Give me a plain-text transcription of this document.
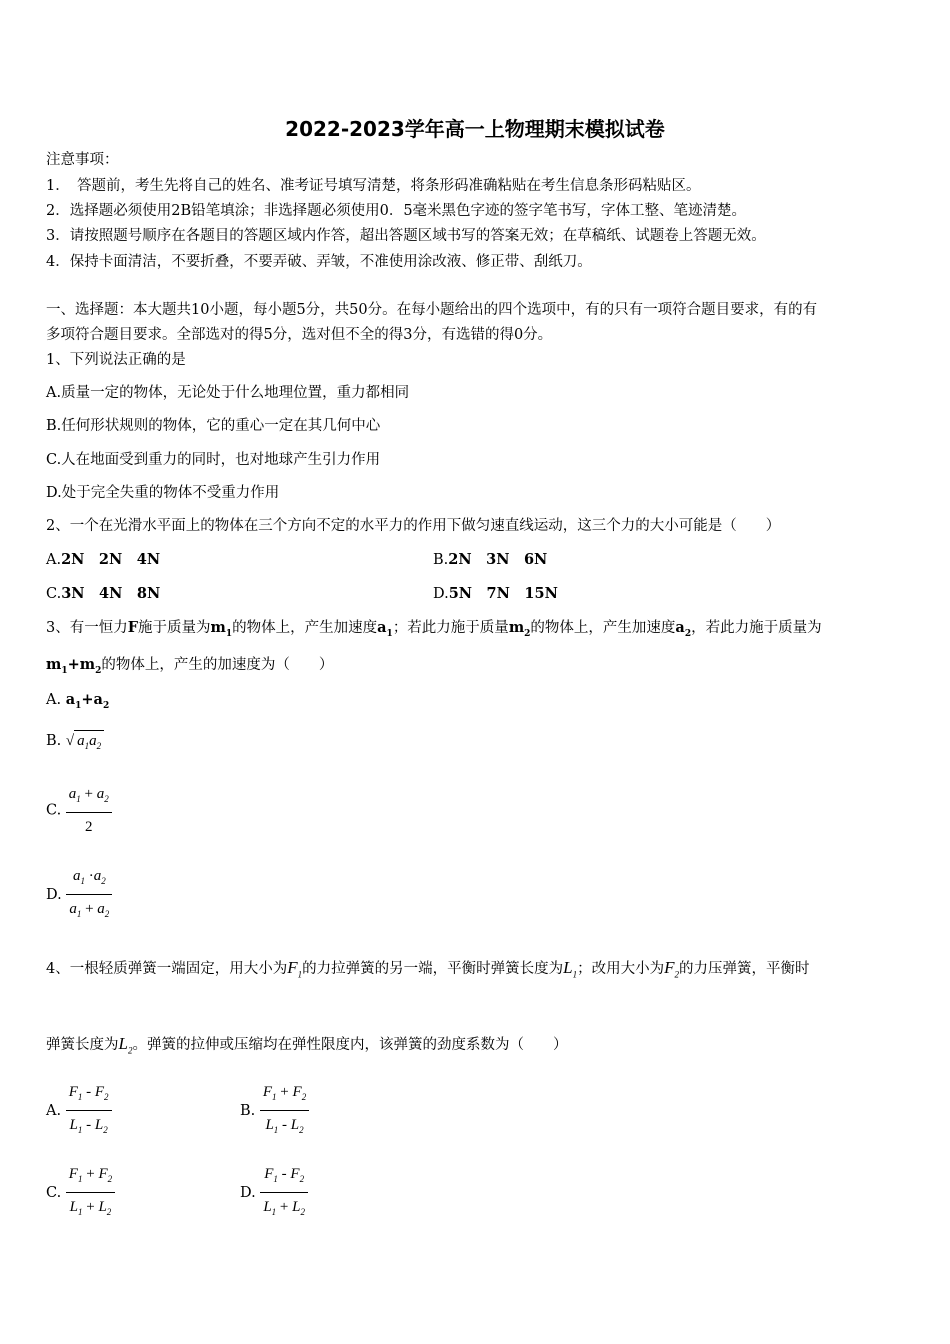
2022-2023学年高一上物理期末模拟试卷
注意事项：
1．　答题前，考生先将自己的姓名、准考证号填写清楚，将条形码准确粘贴在考生信息条形码粘贴区。
2．选择题必须使用2B铅笔填涂；非选择题必须使用0．5毫米黑色字迹的签字笔书写，字体工整、笔迹清楚。
3．请按照题号顺序在各题目的答题区域内作答，超出答题区域书写的答案无效；在草稿纸、试题卷上答题无效。
4．保持卡面清洁，不要折叠，不要弄破、弄皱，不准使用涂改液、修正带、刮纸刀。
一、选择题：本大题共10小题，每小题5分，共50分。在每小题给出的四个选项中，有的只有一项符合题目要求，有的有
多项符合题目要求。全部选对的得5分，选对但不全的得3分，有选错的得0分。
1、下列说法正确的是
A.质量一定的物体，无论处于什么地理位置，重力都相同
B.任何形状规则的物体，它的重心一定在其几何中心
C.人在地面受到重力的同时，也对地球产生引力作用
D.处于完全失重的物体不受重力作用
2、一个在光滑水平面上的物体在三个方向不定的水平力的作用下做匀速直线运动，这三个力的大小可能是（　　）
A.2N　2N　4N	B.2N　3N　6N
C.3N　4N　8N	D.5N　7N　15N
3、有一恒力F施于质量为$m_1$的物体上，产生加速度$a_1$；若此力施于质量$m_2$的物体上，产生加速度$a_2$，若此力施于质量为
$m_1+m_2$的物体上，产生的加速度为（　　）
A. $a_1+a_2$
B. √ $a_1a_2$
C. $\frac{a_1 + a_2}{2}$
D. $\frac{a_1 \cdot a_2}{a_1 + a_2}$
4、一根轻质弹簧一端固定，用大小为$F_1$的力拉弹簧的另一端，平衡时弹簧长度为$L_1$；改用大小为$F_2$的力压弹簧，平衡时
弹簧长度为$L_2$。弹簧的拉伸或压缩均在弹性限度内，该弹簧的劲度系数为（　　）
A. $\frac{F_1 - F_2}{L_1 - L_2}$	B. $\frac{F_1 + F_2}{L_1 - L_2}$
C. $\frac{F_1 + F_2}{L_1 + L_2}$	D. $\frac{F_1 - F_2}{L_1 + L_2}$
